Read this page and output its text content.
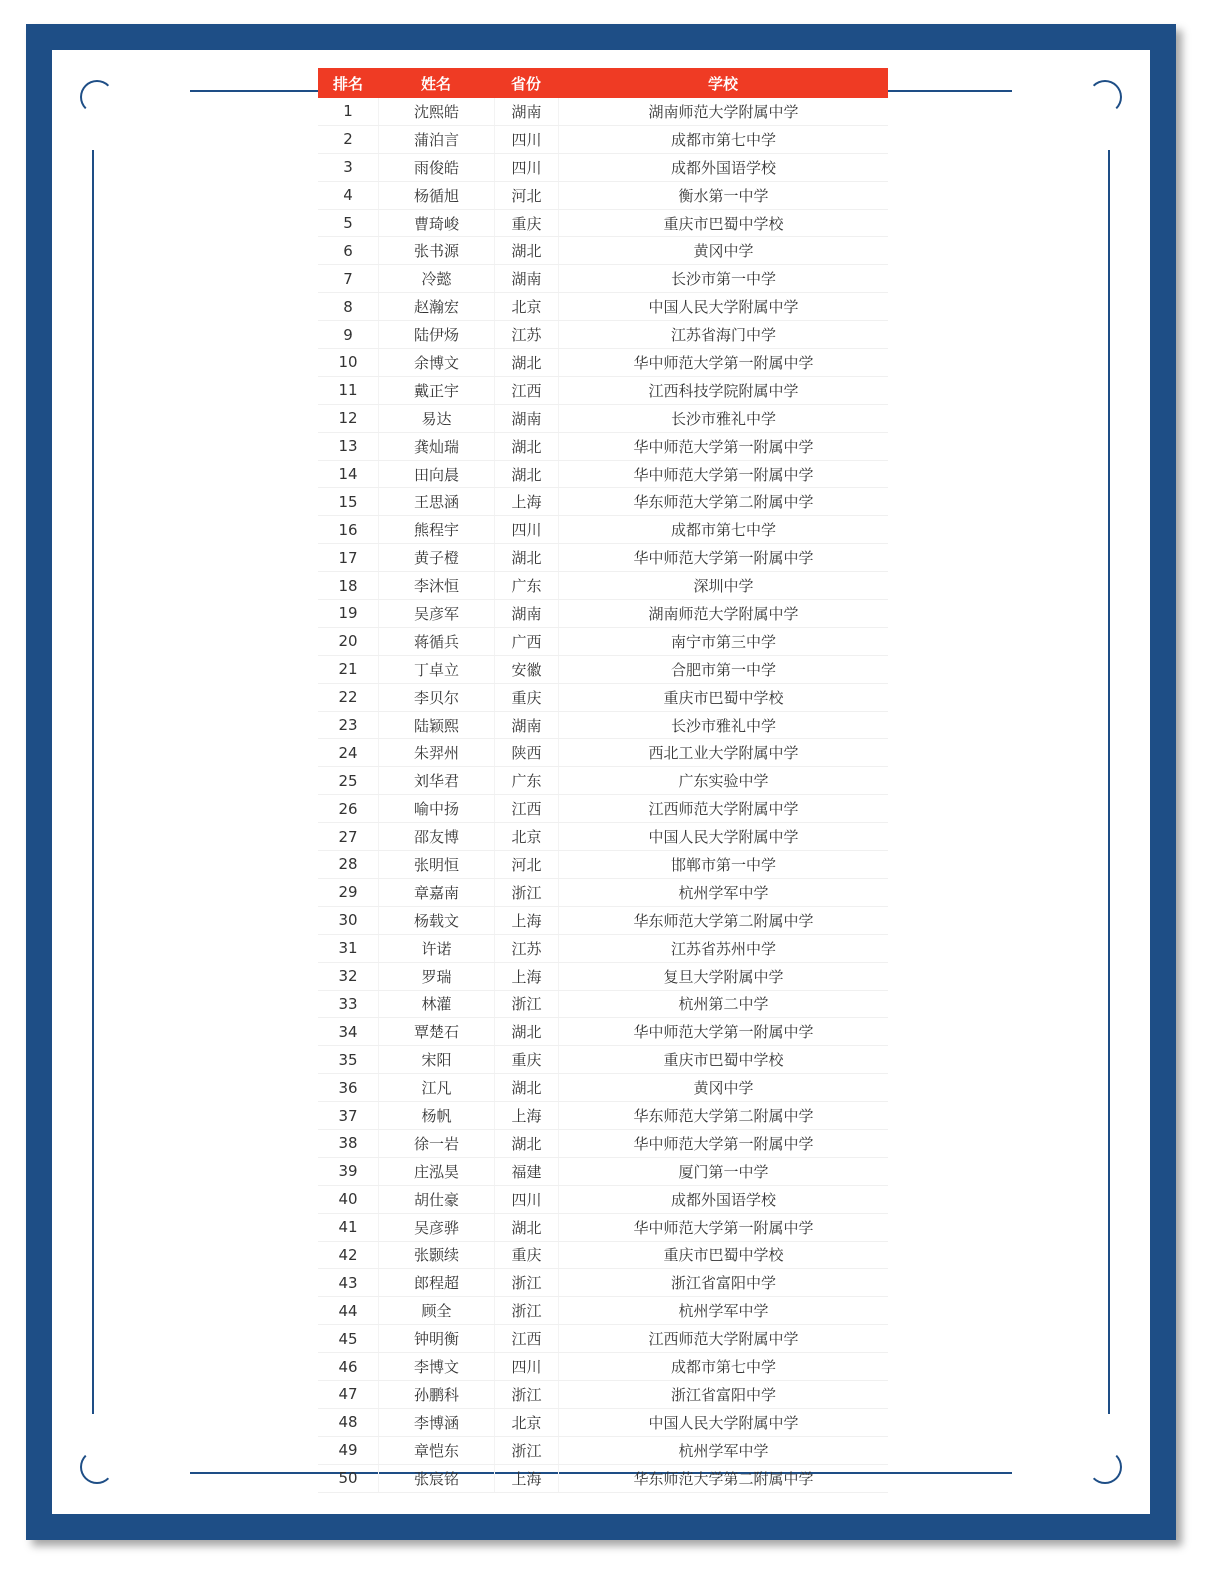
排名	姓名	省份	学校
1	沈熙皓	湖南	湖南师范大学附属中学
2	蒲泊言	四川	成都市第七中学
3	雨俊皓	四川	成都外国语学校
4	杨循旭	河北	衡水第一中学
5	曹琦峻	重庆	重庆市巴蜀中学校
6	张书源	湖北	黄冈中学
7	冷懿	湖南	长沙市第一中学
8	赵瀚宏	北京	中国人民大学附属中学
9	陆伊炀	江苏	江苏省海门中学
10	余博文	湖北	华中师范大学第一附属中学
11	戴正宇	江西	江西科技学院附属中学
12	易达	湖南	长沙市雅礼中学
13	龚灿瑞	湖北	华中师范大学第一附属中学
14	田向晨	湖北	华中师范大学第一附属中学
15	王思涵	上海	华东师范大学第二附属中学
16	熊程宇	四川	成都市第七中学
17	黄子橙	湖北	华中师范大学第一附属中学
18	李沐恒	广东	深圳中学
19	吴彦军	湖南	湖南师范大学附属中学
20	蒋循兵	广西	南宁市第三中学
21	丁卓立	安徽	合肥市第一中学
22	李贝尔	重庆	重庆市巴蜀中学校
23	陆颖熙	湖南	长沙市雅礼中学
24	朱羿州	陕西	西北工业大学附属中学
25	刘华君	广东	广东实验中学
26	喻中扬	江西	江西师范大学附属中学
27	邵友博	北京	中国人民大学附属中学
28	张明恒	河北	邯郸市第一中学
29	章嘉南	浙江	杭州学军中学
30	杨载文	上海	华东师范大学第二附属中学
31	许诺	江苏	江苏省苏州中学
32	罗瑞	上海	复旦大学附属中学
33	林灌	浙江	杭州第二中学
34	覃楚石	湖北	华中师范大学第一附属中学
35	宋阳	重庆	重庆市巴蜀中学校
36	江凡	湖北	黄冈中学
37	杨帆	上海	华东师范大学第二附属中学
38	徐一岩	湖北	华中师范大学第一附属中学
39	庄泓昊	福建	厦门第一中学
40	胡仕豪	四川	成都外国语学校
41	吴彦骅	湖北	华中师范大学第一附属中学
42	张颢续	重庆	重庆市巴蜀中学校
43	郎程超	浙江	浙江省富阳中学
44	顾全	浙江	杭州学军中学
45	钟明衡	江西	江西师范大学附属中学
46	李博文	四川	成都市第七中学
47	孙鹏科	浙江	浙江省富阳中学
48	李博涵	北京	中国人民大学附属中学
49	章恺东	浙江	杭州学军中学
50	张宸铭	上海	华东师范大学第二附属中学
